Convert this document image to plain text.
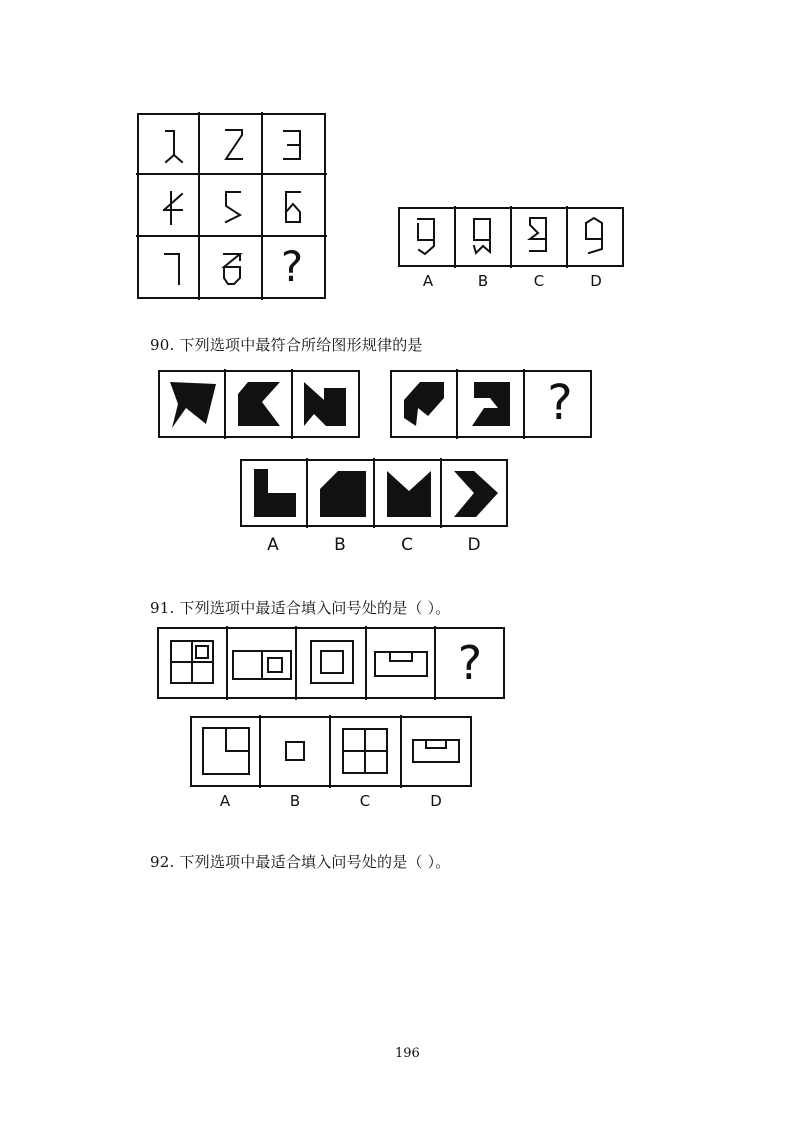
?	A	B	C	D
90. 下列选项中最符合所给图形规律的是
?
A	B	C	D
91. 下列选项中最适合填入问号处的是（ ）。
?
A	B	C	D
92. 下列选项中最适合填入问号处的是（ ）。
196
